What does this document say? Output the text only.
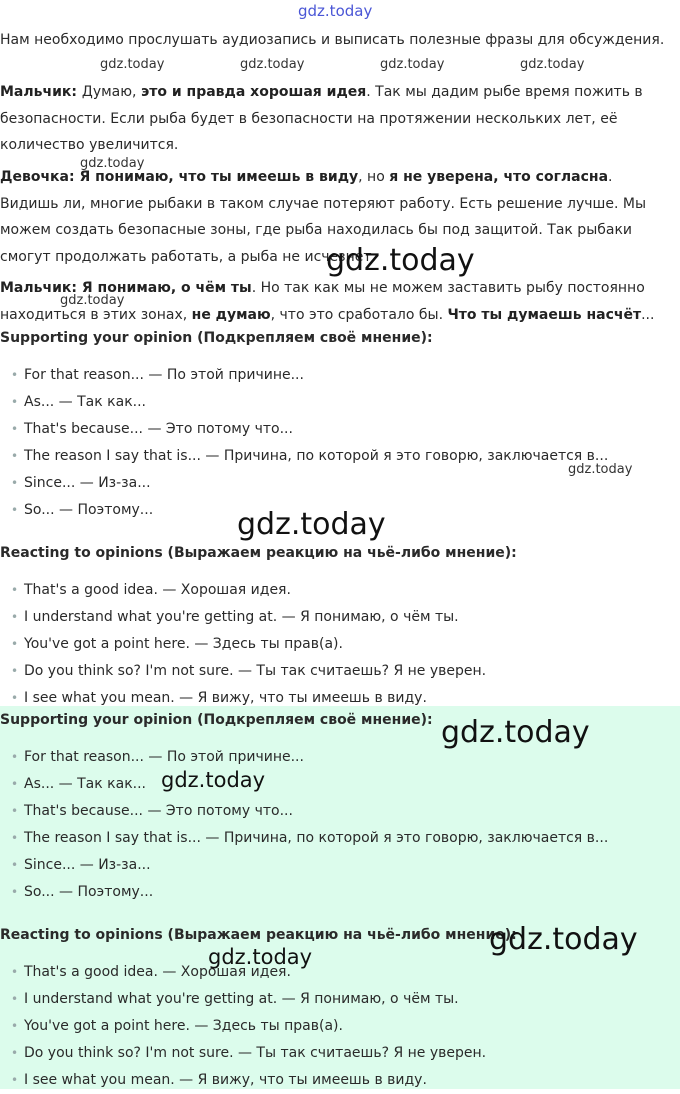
Нам необходимо прослушать аудиозапись и выписать полезные фразы для обсуждения.

Мальчик: Думаю, это и правда хорошая идея. Так мы дадим рыбе время пожить в безопасности. Если рыба будет в безопасности на протяжении нескольких лет, её количество увеличится.

Девочка: Я понимаю, что ты имеешь в виду, но я не уверена, что согласна. Видишь ли, многие рыбаки в таком случае потеряют работу. Есть решение лучше. Мы можем создать безопасные зоны, где рыба находилась бы под защитой. Так рыбаки смогут продолжать работать, а рыба не исчезнет.

Мальчик: Я понимаю, о чём ты. Но так как мы не можем заставить рыбу постоянно находиться в этих зонах, не думаю, что это сработало бы. Что ты думаешь насчёт...

Supporting your opinion (Подкрепляем своё мнение):
• For that reason... — По этой причине...
• As... — Так как...
• That's because... — Это потому что...
• The reason I say that is... — Причина, по которой я это говорю, заключается в...
• Since... — Из-за...
• So... — Поэтому...
Reacting to opinions (Выражаем реакцию на чьё-либо мнение):
• That's a good idea. — Хорошая идея.
• I understand what you're getting at. — Я понимаю, о чём ты.
• You've got a point here. — Здесь ты прав(а).
• Do you think so? I'm not sure. — Ты так считаешь? Я не уверен.
• I see what you mean. — Я вижу, что ты имеешь в виду.
Supporting your opinion (Подкрепляем своё мнение):
• For that reason... — По этой причине...
• As... — Так как...
• That's because... — Это потому что...
• The reason I say that is... — Причина, по которой я это говорю, заключается в...
• Since... — Из-за...
• So... — Поэтому...
Reacting to opinions (Выражаем реакцию на чьё-либо мнение):
• That's a good idea. — Хорошая идея.
• I understand what you're getting at. — Я понимаю, о чём ты.
• You've got a point here. — Здесь ты прав(а).
• Do you think so? I'm not sure. — Ты так считаешь? Я не уверен.
• I see what you mean. — Я вижу, что ты имеешь в виду.
gdz.today
gdz.today	gdz.today	gdz.today	gdz.today
gdz.today
gdz.today
gdz.today
gdz.today
gdz.today
gdz.today
gdz.today
gdz.today
gdz.today
